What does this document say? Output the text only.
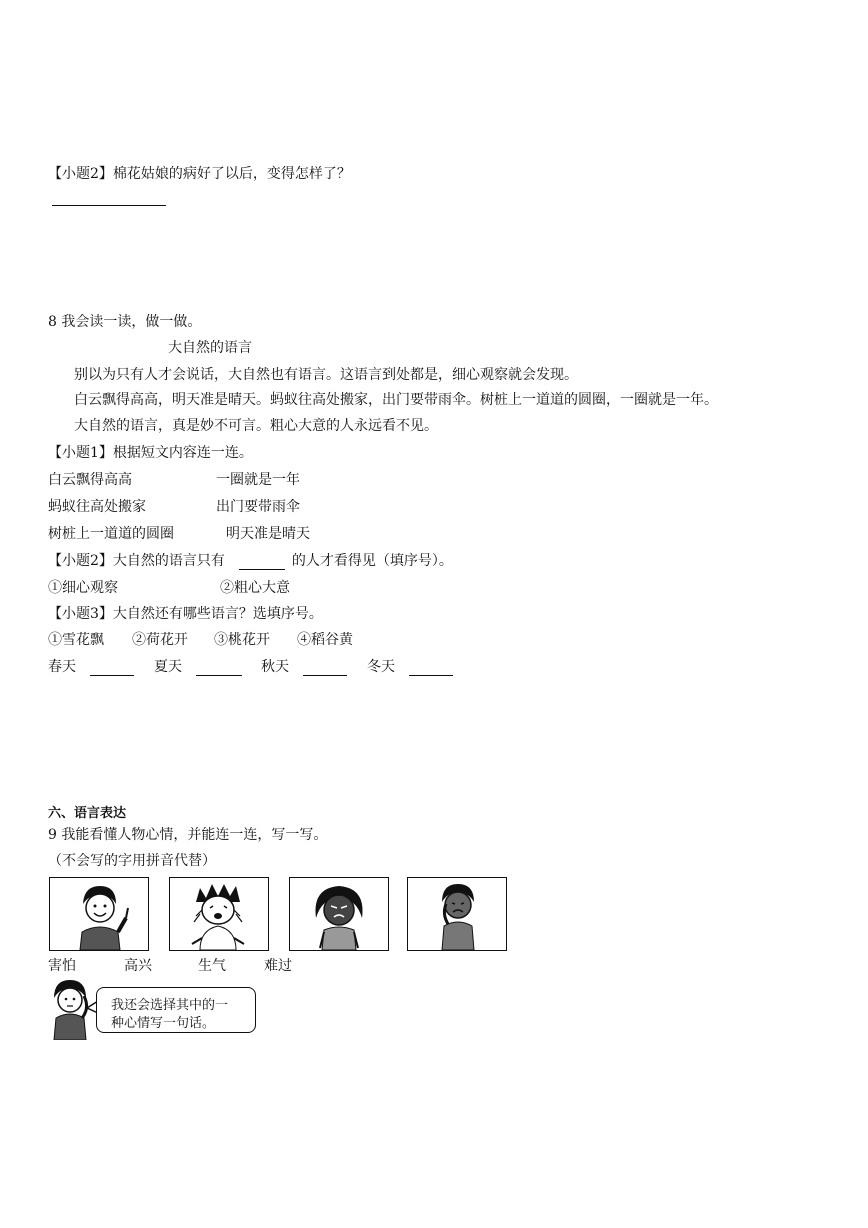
【小题2】棉花姑娘的病好了以后，变得怎样了？
8 我会读一读，做一做。
大自然的语言
别以为只有人才会说话，大自然也有语言。这语言到处都是，细心观察就会发现。
白云飘得高高，明天准是晴天。蚂蚁往高处搬家，出门要带雨伞。树桩上一道道的圆圈，一圈就是一年。
大自然的语言，真是妙不可言。粗心大意的人永远看不见。
【小题1】根据短文内容连一连。
白云飘得高高	一圈就是一年
蚂蚁往高处搬家	出门要带雨伞
树桩上一道道的圆圈	明天准是晴天
【小题2】大自然的语言只有	的人才看得见（填序号）。
①细心观察	②粗心大意
【小题3】大自然还有哪些语言？选填序号。
①雪花飘 ②荷花开 ③桃花开 ④稻谷黄
春天	夏天	秋天	冬天
六、语言表达
9 我能看懂人物心情，并能连一连，写一写。
（不会写的字用拼音代替）
害怕	高兴	生气	难过
我还会选择其中的一
种心情写一句话。
